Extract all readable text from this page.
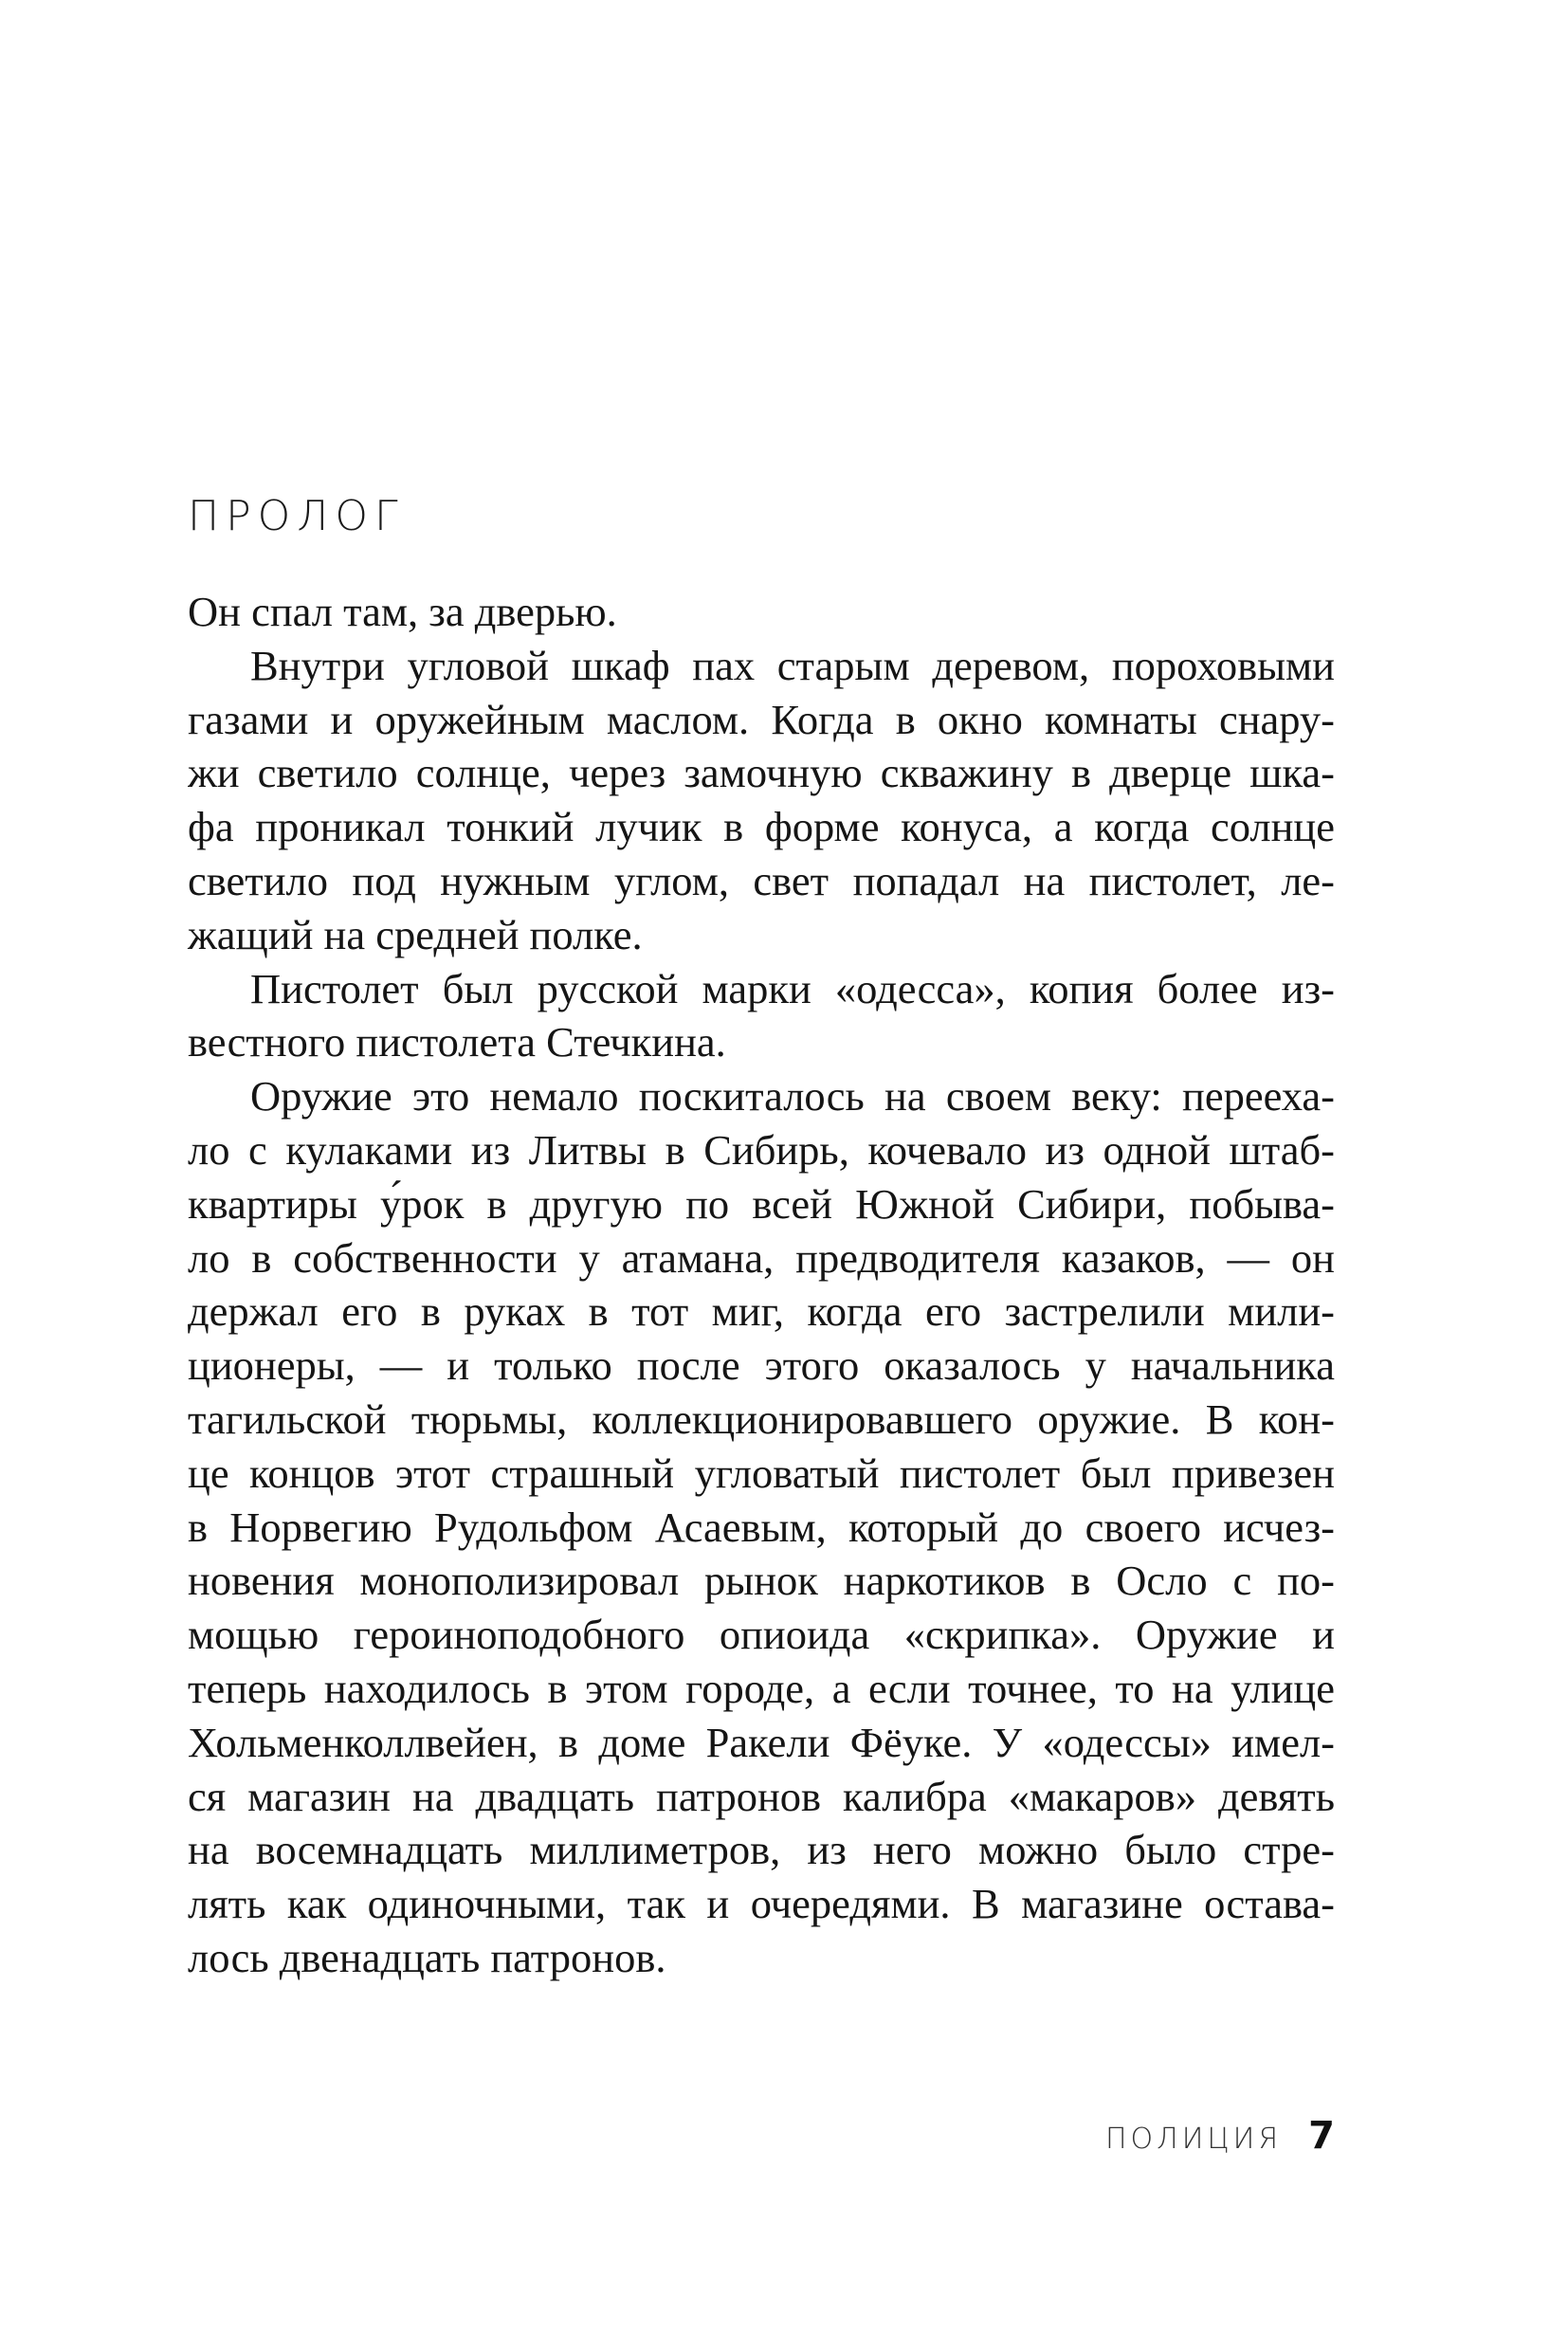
ПРОЛОГ
Он спал там, за дверью.
Внутри угловой шкаф пах старым деревом, пороховыми
газами и оружейным маслом. Когда в окно комнаты снару-
жи светило солнце, через замочную скважину в дверце шка-
фа проникал тонкий лучик в форме конуса, а когда солнце
светило под нужным углом, свет попадал на пистолет, ле-
жащий на средней полке.
Пистолет был русской марки «одесса», копия более из-
вестного пистолета Стечкина.
Оружие это немало поскиталось на своем веку: перееха-
ло с кулаками из Литвы в Сибирь, кочевало из одной штаб-
квартиры у́рок в другую по всей Южной Сибири, побыва-
ло в собственности у атамана, предводителя казаков, — он
держал его в руках в тот миг, когда его застрелили мили-
ционеры, — и только после этого оказалось у начальника
тагильской тюрьмы, коллекционировавшего оружие. В кон-
це концов этот страшный угловатый пистолет был привезен
в Норвегию Рудольфом Асаевым, который до своего исчез-
новения монополизировал рынок наркотиков в Осло с по-
мощью героиноподобного опиоида «скрипка». Оружие и
теперь находилось в этом городе, а если точнее, то на улице
Хольменколлвейен, в доме Ракели Фёуке. У «одессы» имел-
ся магазин на двадцать патронов калибра «макаров» девять
на восемнадцать миллиметров, из него можно было стре-
лять как одиночными, так и очередями. В магазине остава-
лось двенадцать патронов.
ПОЛИЦИЯ 7
